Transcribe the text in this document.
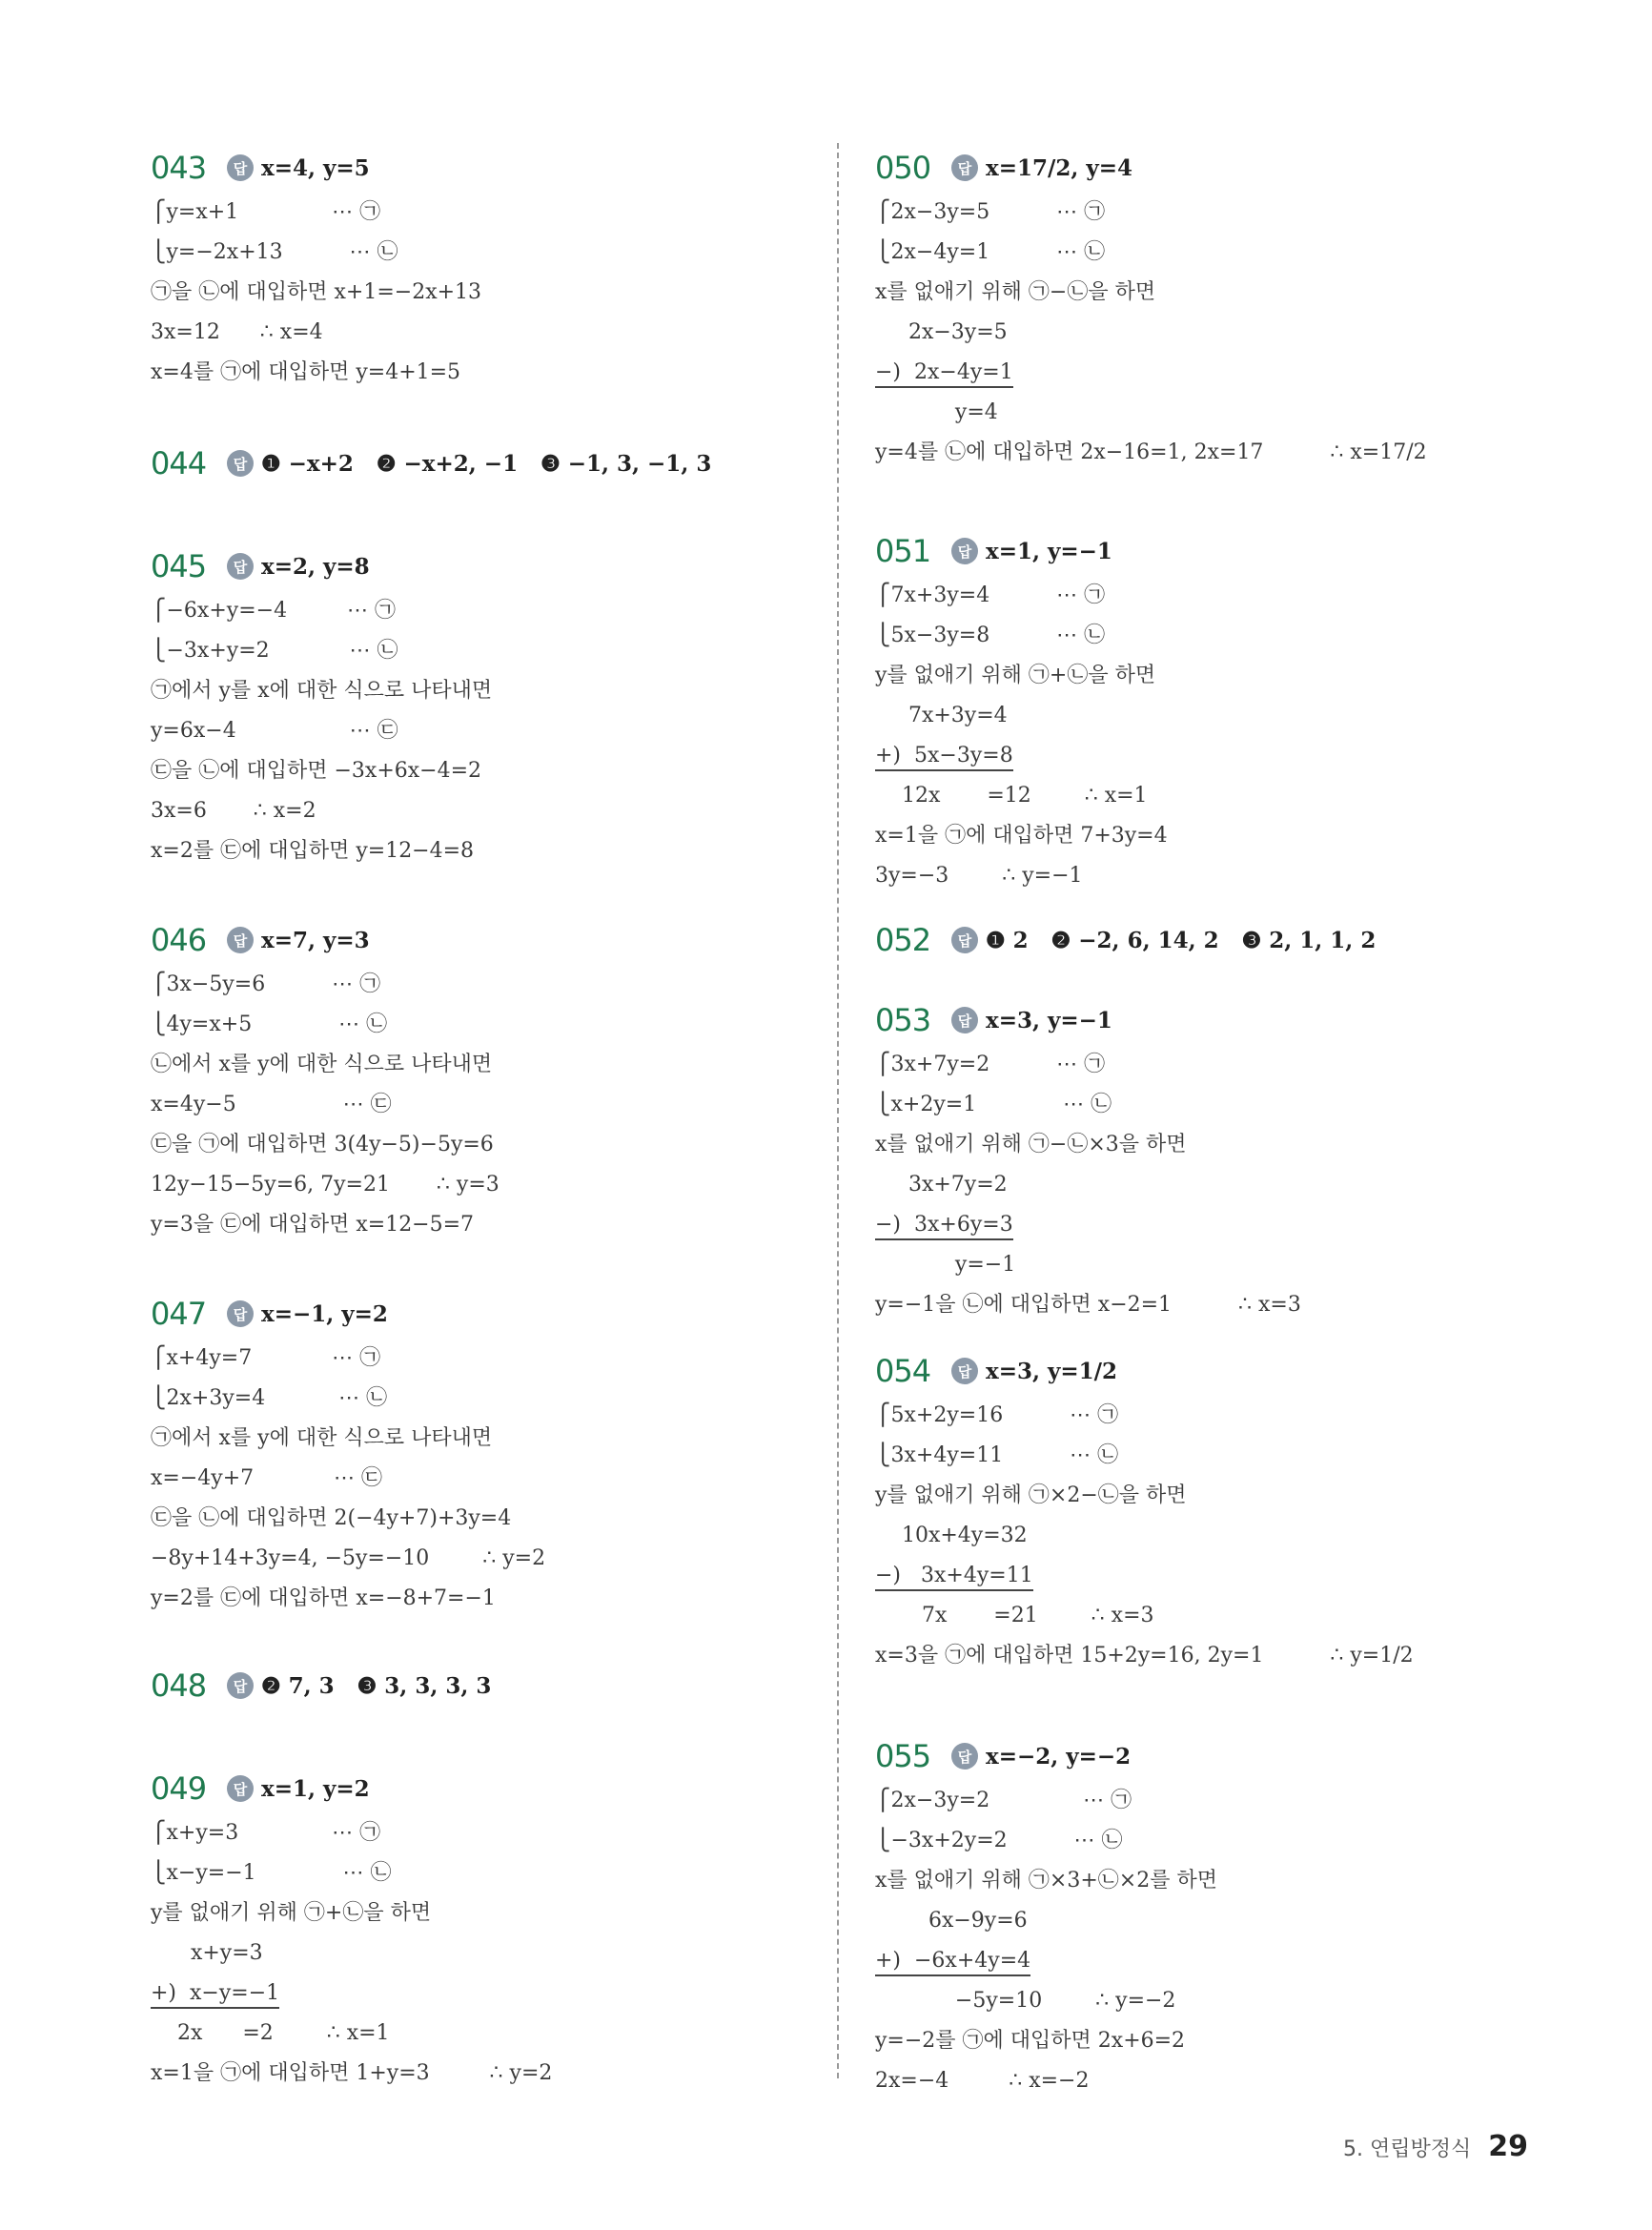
043	답 x=4, y=5
⎧y=x+1              ⋯ ㉠
⎩y=−2x+13          ⋯ ㉡
㉠을 ㉡에 대입하면 x+1=−2x+13
3x=12      ∴ x=4
x=4를 ㉠에 대입하면 y=4+1=5
044	답 ❶ −x+2   ❷ −x+2, −1   ❸ −1, 3, −1, 3
045	답 x=2, y=8
⎧−6x+y=−4         ⋯ ㉠
⎩−3x+y=2            ⋯ ㉡
㉠에서 y를 x에 대한 식으로 나타내면
y=6x−4                 ⋯ ㉢
㉢을 ㉡에 대입하면 −3x+6x−4=2
3x=6       ∴ x=2
x=2를 ㉢에 대입하면 y=12−4=8
046	답 x=7, y=3
⎧3x−5y=6          ⋯ ㉠
⎩4y=x+5             ⋯ ㉡
㉡에서 x를 y에 대한 식으로 나타내면
x=4y−5                ⋯ ㉢
㉢을 ㉠에 대입하면 3(4y−5)−5y=6
12y−15−5y=6, 7y=21       ∴ y=3
y=3을 ㉢에 대입하면 x=12−5=7
047	답 x=−1, y=2
⎧x+4y=7            ⋯ ㉠
⎩2x+3y=4           ⋯ ㉡
㉠에서 x를 y에 대한 식으로 나타내면
x=−4y+7            ⋯ ㉢
㉢을 ㉡에 대입하면 2(−4y+7)+3y=4
−8y+14+3y=4, −5y=−10        ∴ y=2
y=2를 ㉢에 대입하면 x=−8+7=−1
048	답 ❷ 7, 3   ❸ 3, 3, 3, 3
049	답 x=1, y=2
⎧x+y=3              ⋯ ㉠
⎩x−y=−1             ⋯ ㉡
y를 없애기 위해 ㉠+㉡을 하면
x+y=3
+)  x−y=−1
2x      =2        ∴ x=1
x=1을 ㉠에 대입하면 1+y=3         ∴ y=2
050	답 x=17/2, y=4
⎧2x−3y=5          ⋯ ㉠
⎩2x−4y=1          ⋯ ㉡
x를 없애기 위해 ㉠−㉡을 하면
2x−3y=5
−)  2x−4y=1
y=4
y=4를 ㉡에 대입하면 2x−16=1, 2x=17          ∴ x=17/2
051	답 x=1, y=−1
⎧7x+3y=4          ⋯ ㉠
⎩5x−3y=8          ⋯ ㉡
y를 없애기 위해 ㉠+㉡을 하면
7x+3y=4
+)  5x−3y=8
12x       =12        ∴ x=1
x=1을 ㉠에 대입하면 7+3y=4
3y=−3        ∴ y=−1
052	답 ❶ 2   ❷ −2, 6, 14, 2   ❸ 2, 1, 1, 2
053	답 x=3, y=−1
⎧3x+7y=2          ⋯ ㉠
⎩x+2y=1             ⋯ ㉡
x를 없애기 위해 ㉠−㉡×3을 하면
3x+7y=2
−)  3x+6y=3
y=−1
y=−1을 ㉡에 대입하면 x−2=1          ∴ x=3
054	답 x=3, y=1/2
⎧5x+2y=16          ⋯ ㉠
⎩3x+4y=11          ⋯ ㉡
y를 없애기 위해 ㉠×2−㉡을 하면
10x+4y=32
−)   3x+4y=11
7x       =21        ∴ x=3
x=3을 ㉠에 대입하면 15+2y=16, 2y=1          ∴ y=1/2
055	답 x=−2, y=−2
⎧2x−3y=2              ⋯ ㉠
⎩−3x+2y=2          ⋯ ㉡
x를 없애기 위해 ㉠×3+㉡×2를 하면
6x−9y=6
+)  −6x+4y=4
−5y=10        ∴ y=−2
y=−2를 ㉠에 대입하면 2x+6=2
2x=−4         ∴ x=−2
5. 연립방정식 29
